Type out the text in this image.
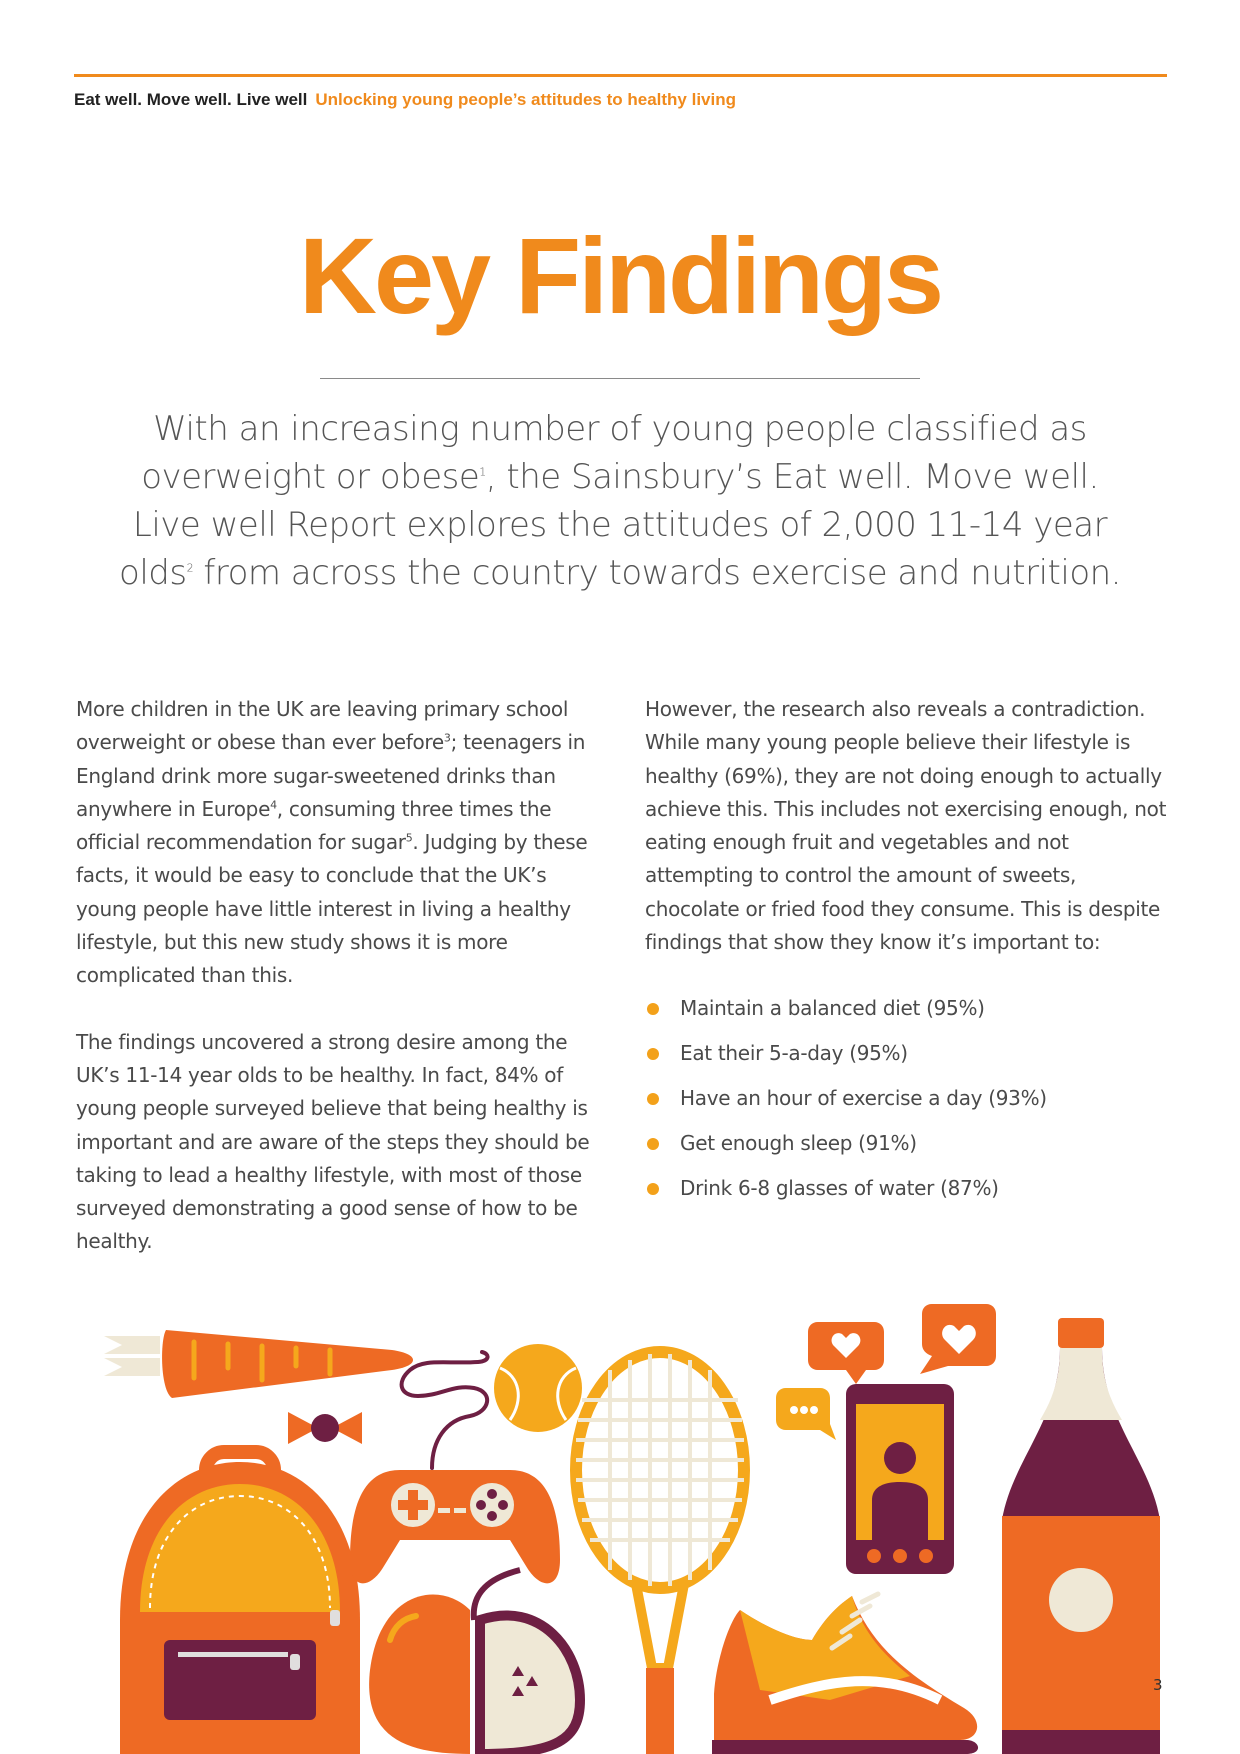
Eat well. Move well. Live well Unlocking young people’s attitudes to healthy living
Key Findings

With an increasing number of young people classified as overweight or obese$^1$, the Sainsbury’s Eat well. Move well. Live well Report explores the attitudes of 2,000 11-14 year olds$^2$ from across the country towards exercise and nutrition.

More children in the UK are leaving primary school overweight or obese than ever before$^3$; teenagers in England drink more sugar-sweetened drinks than anywhere in Europe$^4$, consuming three times the official recommendation for sugar$^5$. Judging by these facts, it would be easy to conclude that the UK’s young people have little interest in living a healthy lifestyle, but this new study shows it is more complicated than this.

The findings uncovered a strong desire among the UK’s 11-14 year olds to be healthy. In fact, 84% of young people surveyed believe that being healthy is important and are aware of the steps they should be taking to lead a healthy lifestyle, with most of those surveyed demonstrating a good sense of how to be healthy.

However, the research also reveals a contradiction. While many young people believe their lifestyle is healthy (69%), they are not doing enough to actually achieve this. This includes not exercising enough, not eating enough fruit and vegetables and not attempting to control the amount of sweets, chocolate or fried food they consume. This is despite findings that show they know it’s important to:

Maintain a balanced diet (95%)
Eat their 5-a-day (95%)
Have an hour of exercise a day (93%)
Get enough sleep (91%)
Drink 6-8 glasses of water (87%)
3
